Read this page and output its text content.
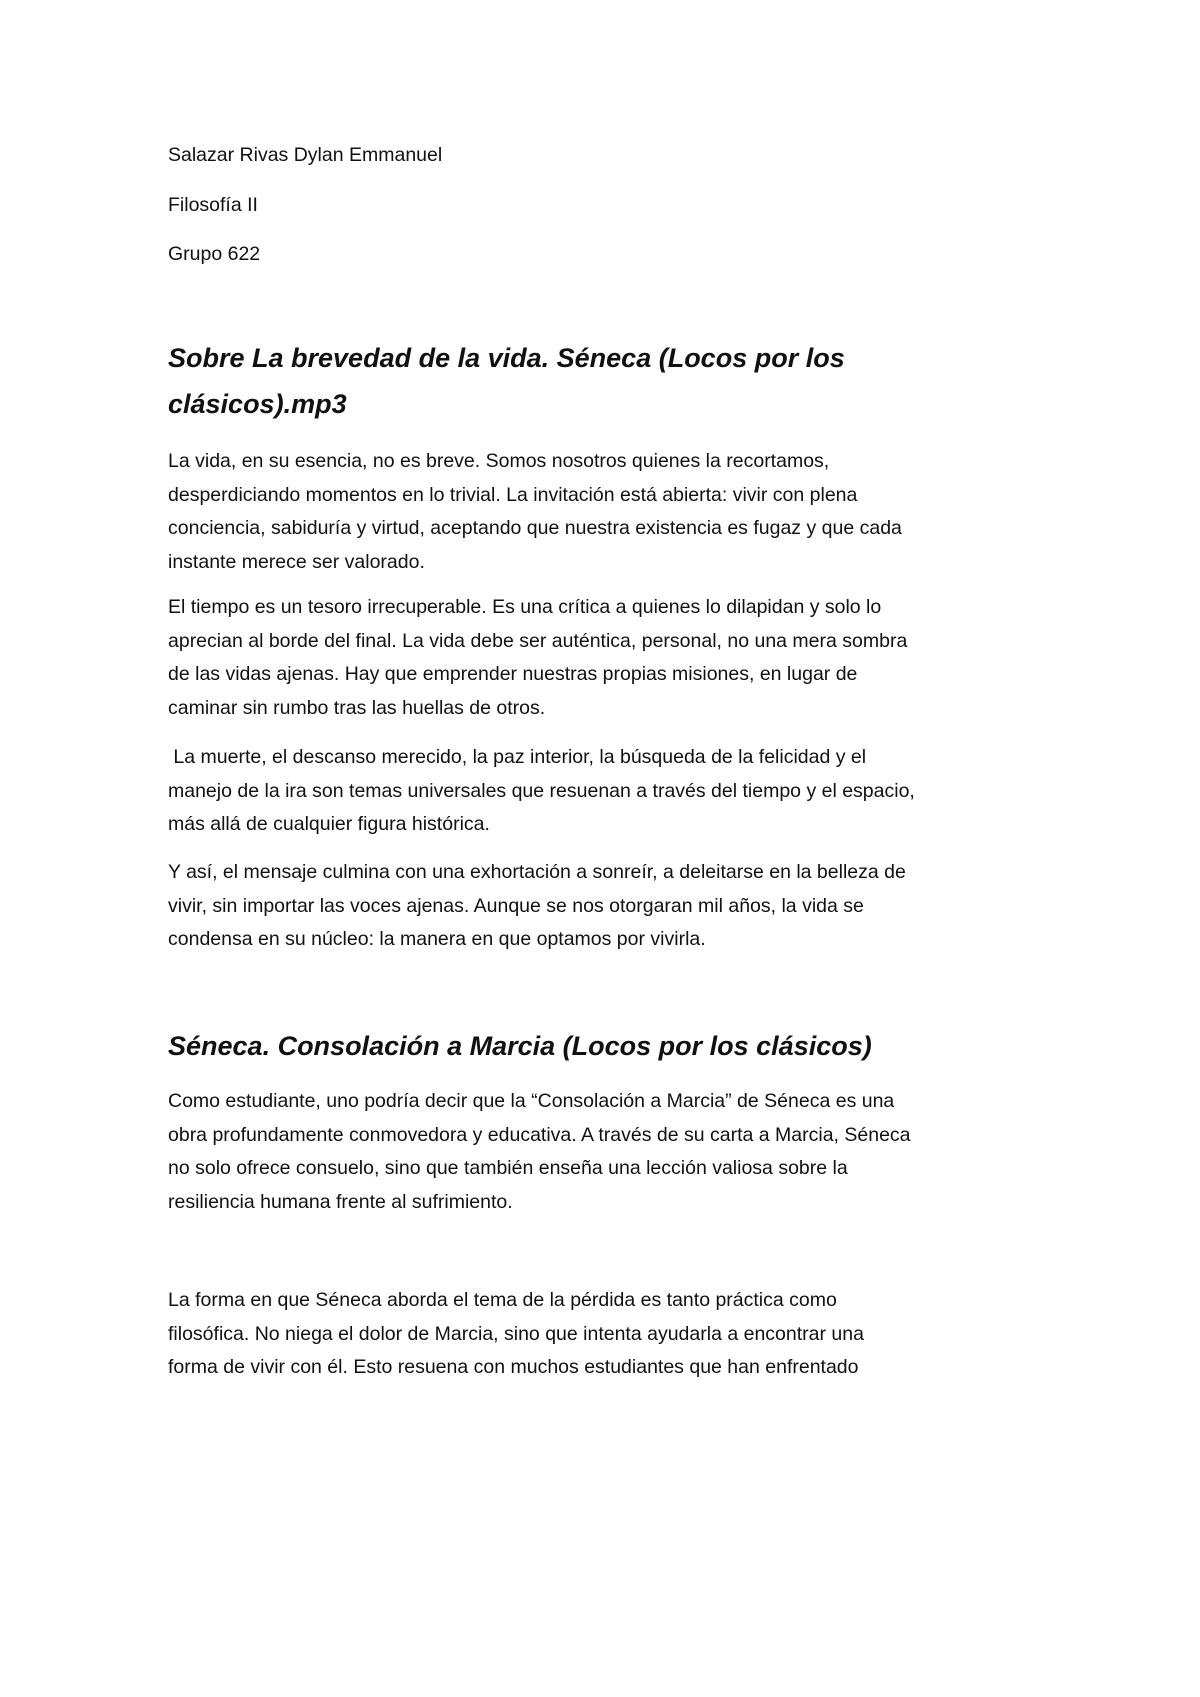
Salazar Rivas Dylan Emmanuel
Filosofía II
Grupo 622
Sobre La brevedad de la vida. Séneca (Locos por los
clásicos).mp3

La vida, en su esencia, no es breve. Somos nosotros quienes la recortamos,
desperdiciando momentos en lo trivial. La invitación está abierta: vivir con plena
conciencia, sabiduría y virtud, aceptando que nuestra existencia es fugaz y que cada
instante merece ser valorado.

El tiempo es un tesoro irrecuperable. Es una crítica a quienes lo dilapidan y solo lo
aprecian al borde del final. La vida debe ser auténtica, personal, no una mera sombra
de las vidas ajenas. Hay que emprender nuestras propias misiones, en lugar de
caminar sin rumbo tras las huellas de otros.

La muerte, el descanso merecido, la paz interior, la búsqueda de la felicidad y el
manejo de la ira son temas universales que resuenan a través del tiempo y el espacio,
más allá de cualquier figura histórica.

Y así, el mensaje culmina con una exhortación a sonreír, a deleitarse en la belleza de
vivir, sin importar las voces ajenas. Aunque se nos otorgaran mil años, la vida se
condensa en su núcleo: la manera en que optamos por vivirla.

Séneca. Consolación a Marcia (Locos por los clásicos)

Como estudiante, uno podría decir que la “Consolación a Marcia” de Séneca es una
obra profundamente conmovedora y educativa. A través de su carta a Marcia, Séneca
no solo ofrece consuelo, sino que también enseña una lección valiosa sobre la
resiliencia humana frente al sufrimiento.

La forma en que Séneca aborda el tema de la pérdida es tanto práctica como
filosófica. No niega el dolor de Marcia, sino que intenta ayudarla a encontrar una
forma de vivir con él. Esto resuena con muchos estudiantes que han enfrentado
